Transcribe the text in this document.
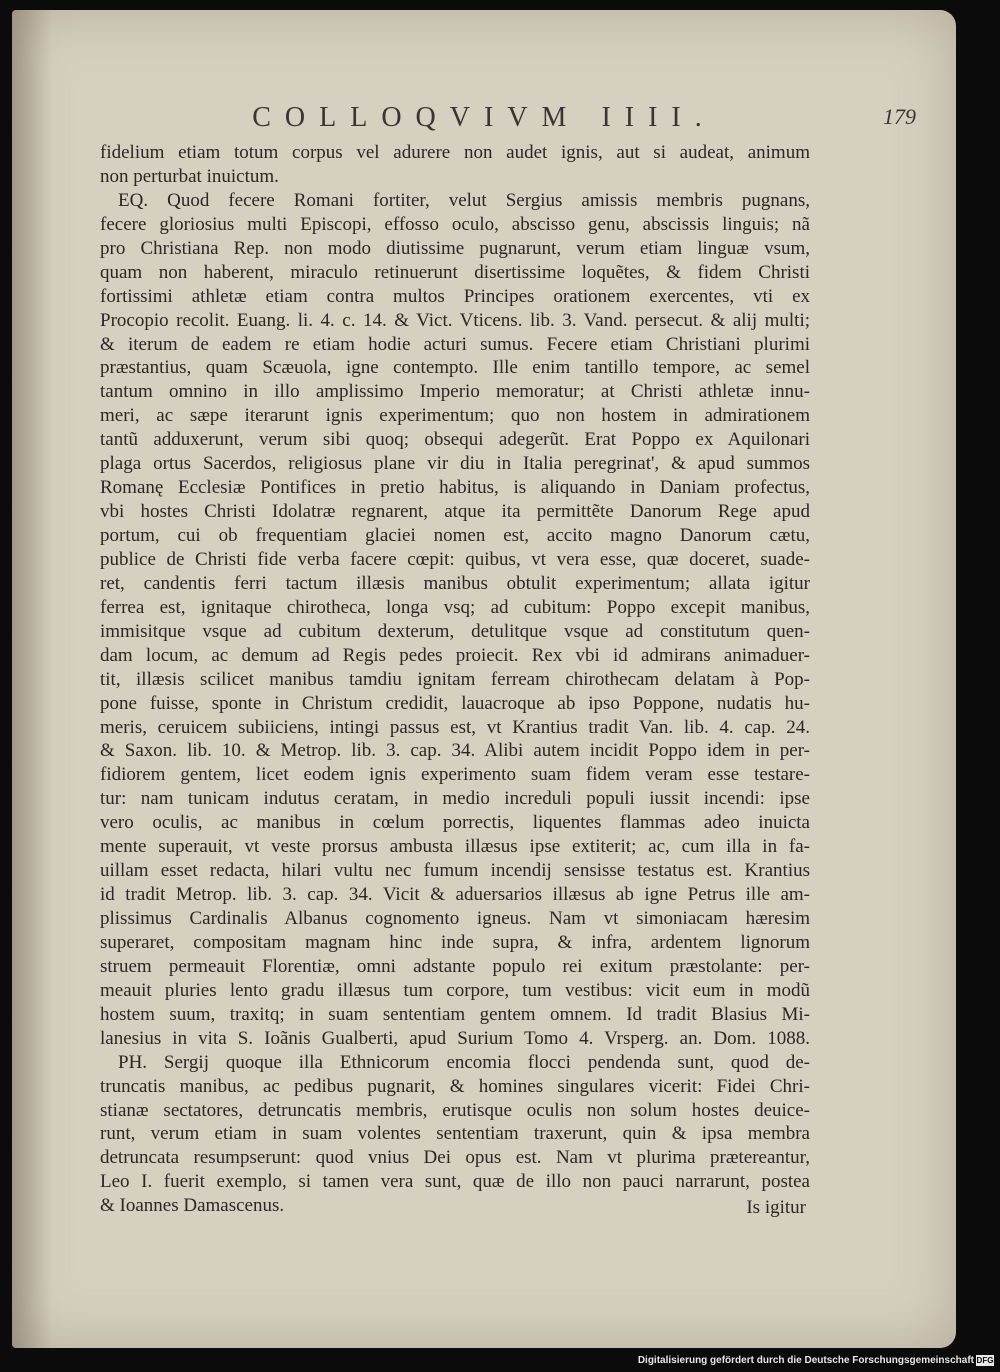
COLLOQVIVM IIII.	179
fidelium etiam totum corpus vel adurere non audet ignis, aut si audeat, animum
non perturbat inuictum.
EQ. Quod fecere Romani fortiter, velut Sergius amissis membris pugnans,
fecere gloriosius multi Episcopi, effosso oculo, abscisso genu, abscissis linguis; nã
pro Christiana Rep. non modo diutissime pugnarunt, verum etiam linguæ vsum,
quam non haberent, miraculo retinuerunt disertissime loquẽtes, & fidem Christi
fortissimi athletæ etiam contra multos Principes orationem exercentes, vti ex
Procopio recolit. Euang. li. 4. c. 14. & Vict. Vticens. lib. 3. Vand. persecut. & alij multi;
& iterum de eadem re etiam hodie acturi sumus. Fecere etiam Christiani plurimi
præstantius, quam Scæuola, igne contempto. Ille enim tantillo tempore, ac semel
tantum omnino in illo amplissimo Imperio memoratur; at Christi athletæ innu-
meri, ac sæpe iterarunt ignis experimentum; quo non hostem in admirationem
tantũ adduxerunt, verum sibi quoq; obsequi adegerũt. Erat Poppo ex Aquilonari
plaga ortus Sacerdos, religiosus plane vir diu in Italia peregrinat', & apud summos
Romanę Ecclesiæ Pontifices in pretio habitus, is aliquando in Daniam profectus,
vbi hostes Christi Idolatræ regnarent, atque ita permittẽte Danorum Rege apud
portum, cui ob frequentiam glaciei nomen est, accito magno Danorum cætu,
publice de Christi fide verba facere cœpit: quibus, vt vera esse, quæ doceret, suade-
ret, candentis ferri tactum illæsis manibus obtulit experimentum; allata igitur
ferrea est, ignitaque chirotheca, longa vsq; ad cubitum: Poppo excepit manibus,
immisitque vsque ad cubitum dexterum, detulitque vsque ad constitutum quen-
dam locum, ac demum ad Regis pedes proiecit. Rex vbi id admirans animaduer-
tit, illæsis scilicet manibus tamdiu ignitam ferream chirothecam delatam à Pop-
pone fuisse, sponte in Christum credidit, lauacroque ab ipso Poppone, nudatis hu-
meris, ceruicem subiiciens, intingi passus est, vt Krantius tradit Van. lib. 4. cap. 24.
& Saxon. lib. 10. & Metrop. lib. 3. cap. 34. Alibi autem incidit Poppo idem in per-
fidiorem gentem, licet eodem ignis experimento suam fidem veram esse testare-
tur: nam tunicam indutus ceratam, in medio increduli populi iussit incendi: ipse
vero oculis, ac manibus in cœlum porrectis, liquentes flammas adeo inuicta
mente superauit, vt veste prorsus ambusta illæsus ipse extiterit; ac, cum illa in fa-
uillam esset redacta, hilari vultu nec fumum incendij sensisse testatus est. Krantius
id tradit Metrop. lib. 3. cap. 34. Vicit & aduersarios illæsus ab igne Petrus ille am-
plissimus Cardinalis Albanus cognomento igneus. Nam vt simoniacam hæresim
superaret, compositam magnam hinc inde supra, & infra, ardentem lignorum
struem permeauit Florentiæ, omni adstante populo rei exitum præstolante: per-
meauit pluries lento gradu illæsus tum corpore, tum vestibus: vicit eum in modũ
hostem suum, traxitq; in suam sententiam gentem omnem. Id tradit Blasius Mi-
lanesius in vita S. Ioãnis Gualberti, apud Surium Tomo 4. Vrsperg. an. Dom. 1088.
PH. Sergij quoque illa Ethnicorum encomia flocci pendenda sunt, quod de-
truncatis manibus, ac pedibus pugnarit, & homines singulares vicerit: Fidei Chri-
stianæ sectatores, detruncatis membris, erutisque oculis non solum hostes deuice-
runt, verum etiam in suam volentes sententiam traxerunt, quin & ipsa membra
detruncata resumpserunt: quod vnius Dei opus est. Nam vt plurima prætereantur,
Leo I. fuerit exemplo, si tamen vera sunt, quæ de illo non pauci narrarunt, postea
& Ioannes Damascenus.	Is igitur
Digitalisierung gefördert durch die Deutsche Forschungsgemeinschaft DFG
